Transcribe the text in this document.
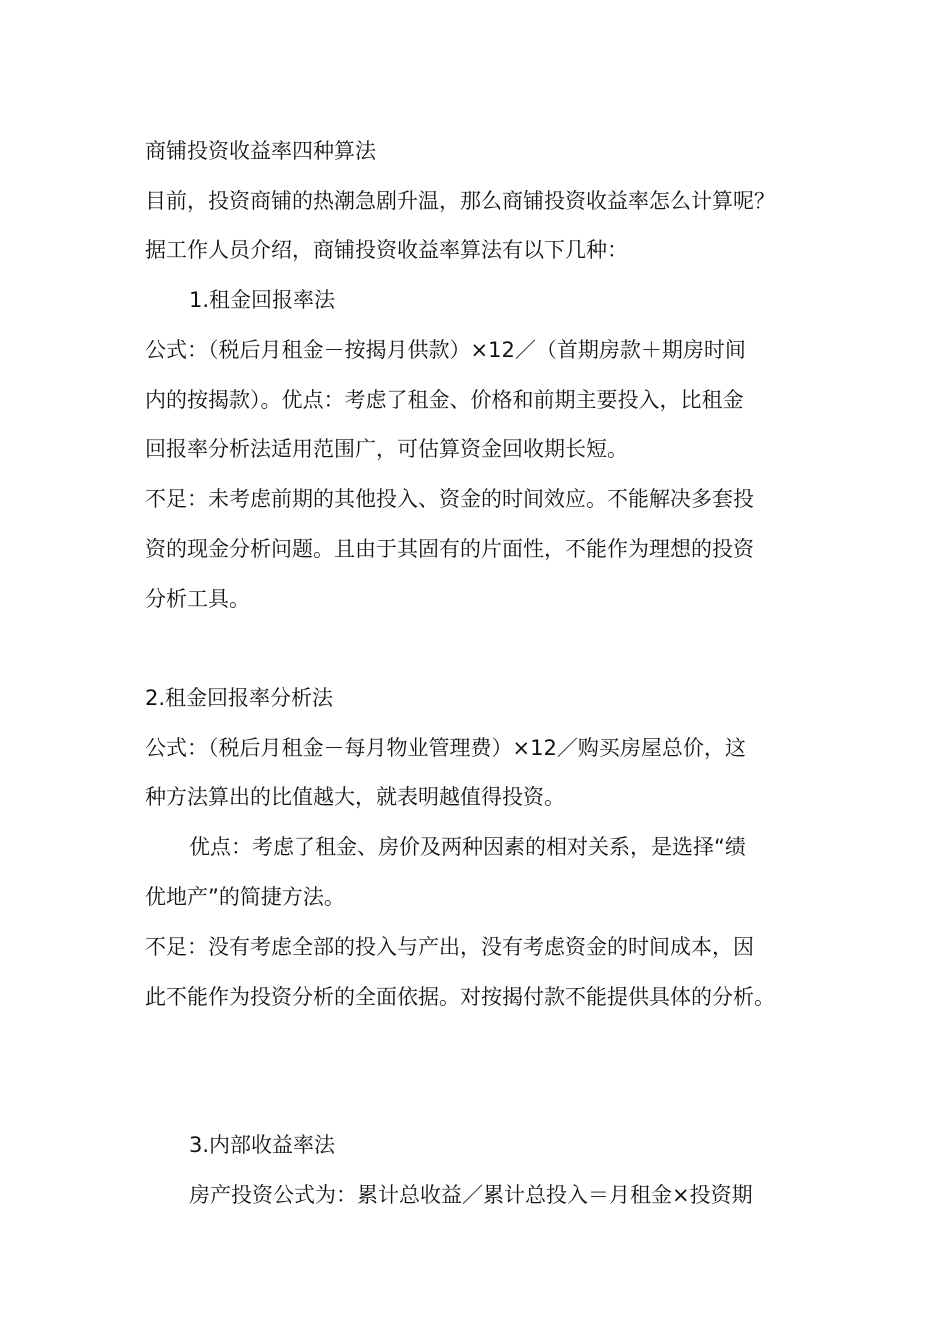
商铺投资收益率四种算法
目前，投资商铺的热潮急剧升温，那么商铺投资收益率怎么计算呢？
据工作人员介绍，商铺投资收益率算法有以下几种：
1.租金回报率法
公式：（税后月租金－按揭月供款）×12／（首期房款＋期房时间
内的按揭款）。优点：考虑了租金、价格和前期主要投入，比租金
回报率分析法适用范围广，可估算资金回收期长短。
不足：未考虑前期的其他投入、资金的时间效应。不能解决多套投
资的现金分析问题。且由于其固有的片面性，不能作为理想的投资
分析工具。
2.租金回报率分析法
公式：（税后月租金－每月物业管理费）×12／购买房屋总价，这
种方法算出的比值越大，就表明越值得投资。
优点：考虑了租金、房价及两种因素的相对关系，是选择“绩
优地产”的简捷方法。
不足：没有考虑全部的投入与产出，没有考虑资金的时间成本，因
此不能作为投资分析的全面依据。对按揭付款不能提供具体的分析。
3.内部收益率法
房产投资公式为：累计总收益／累计总投入＝月租金×投资期
